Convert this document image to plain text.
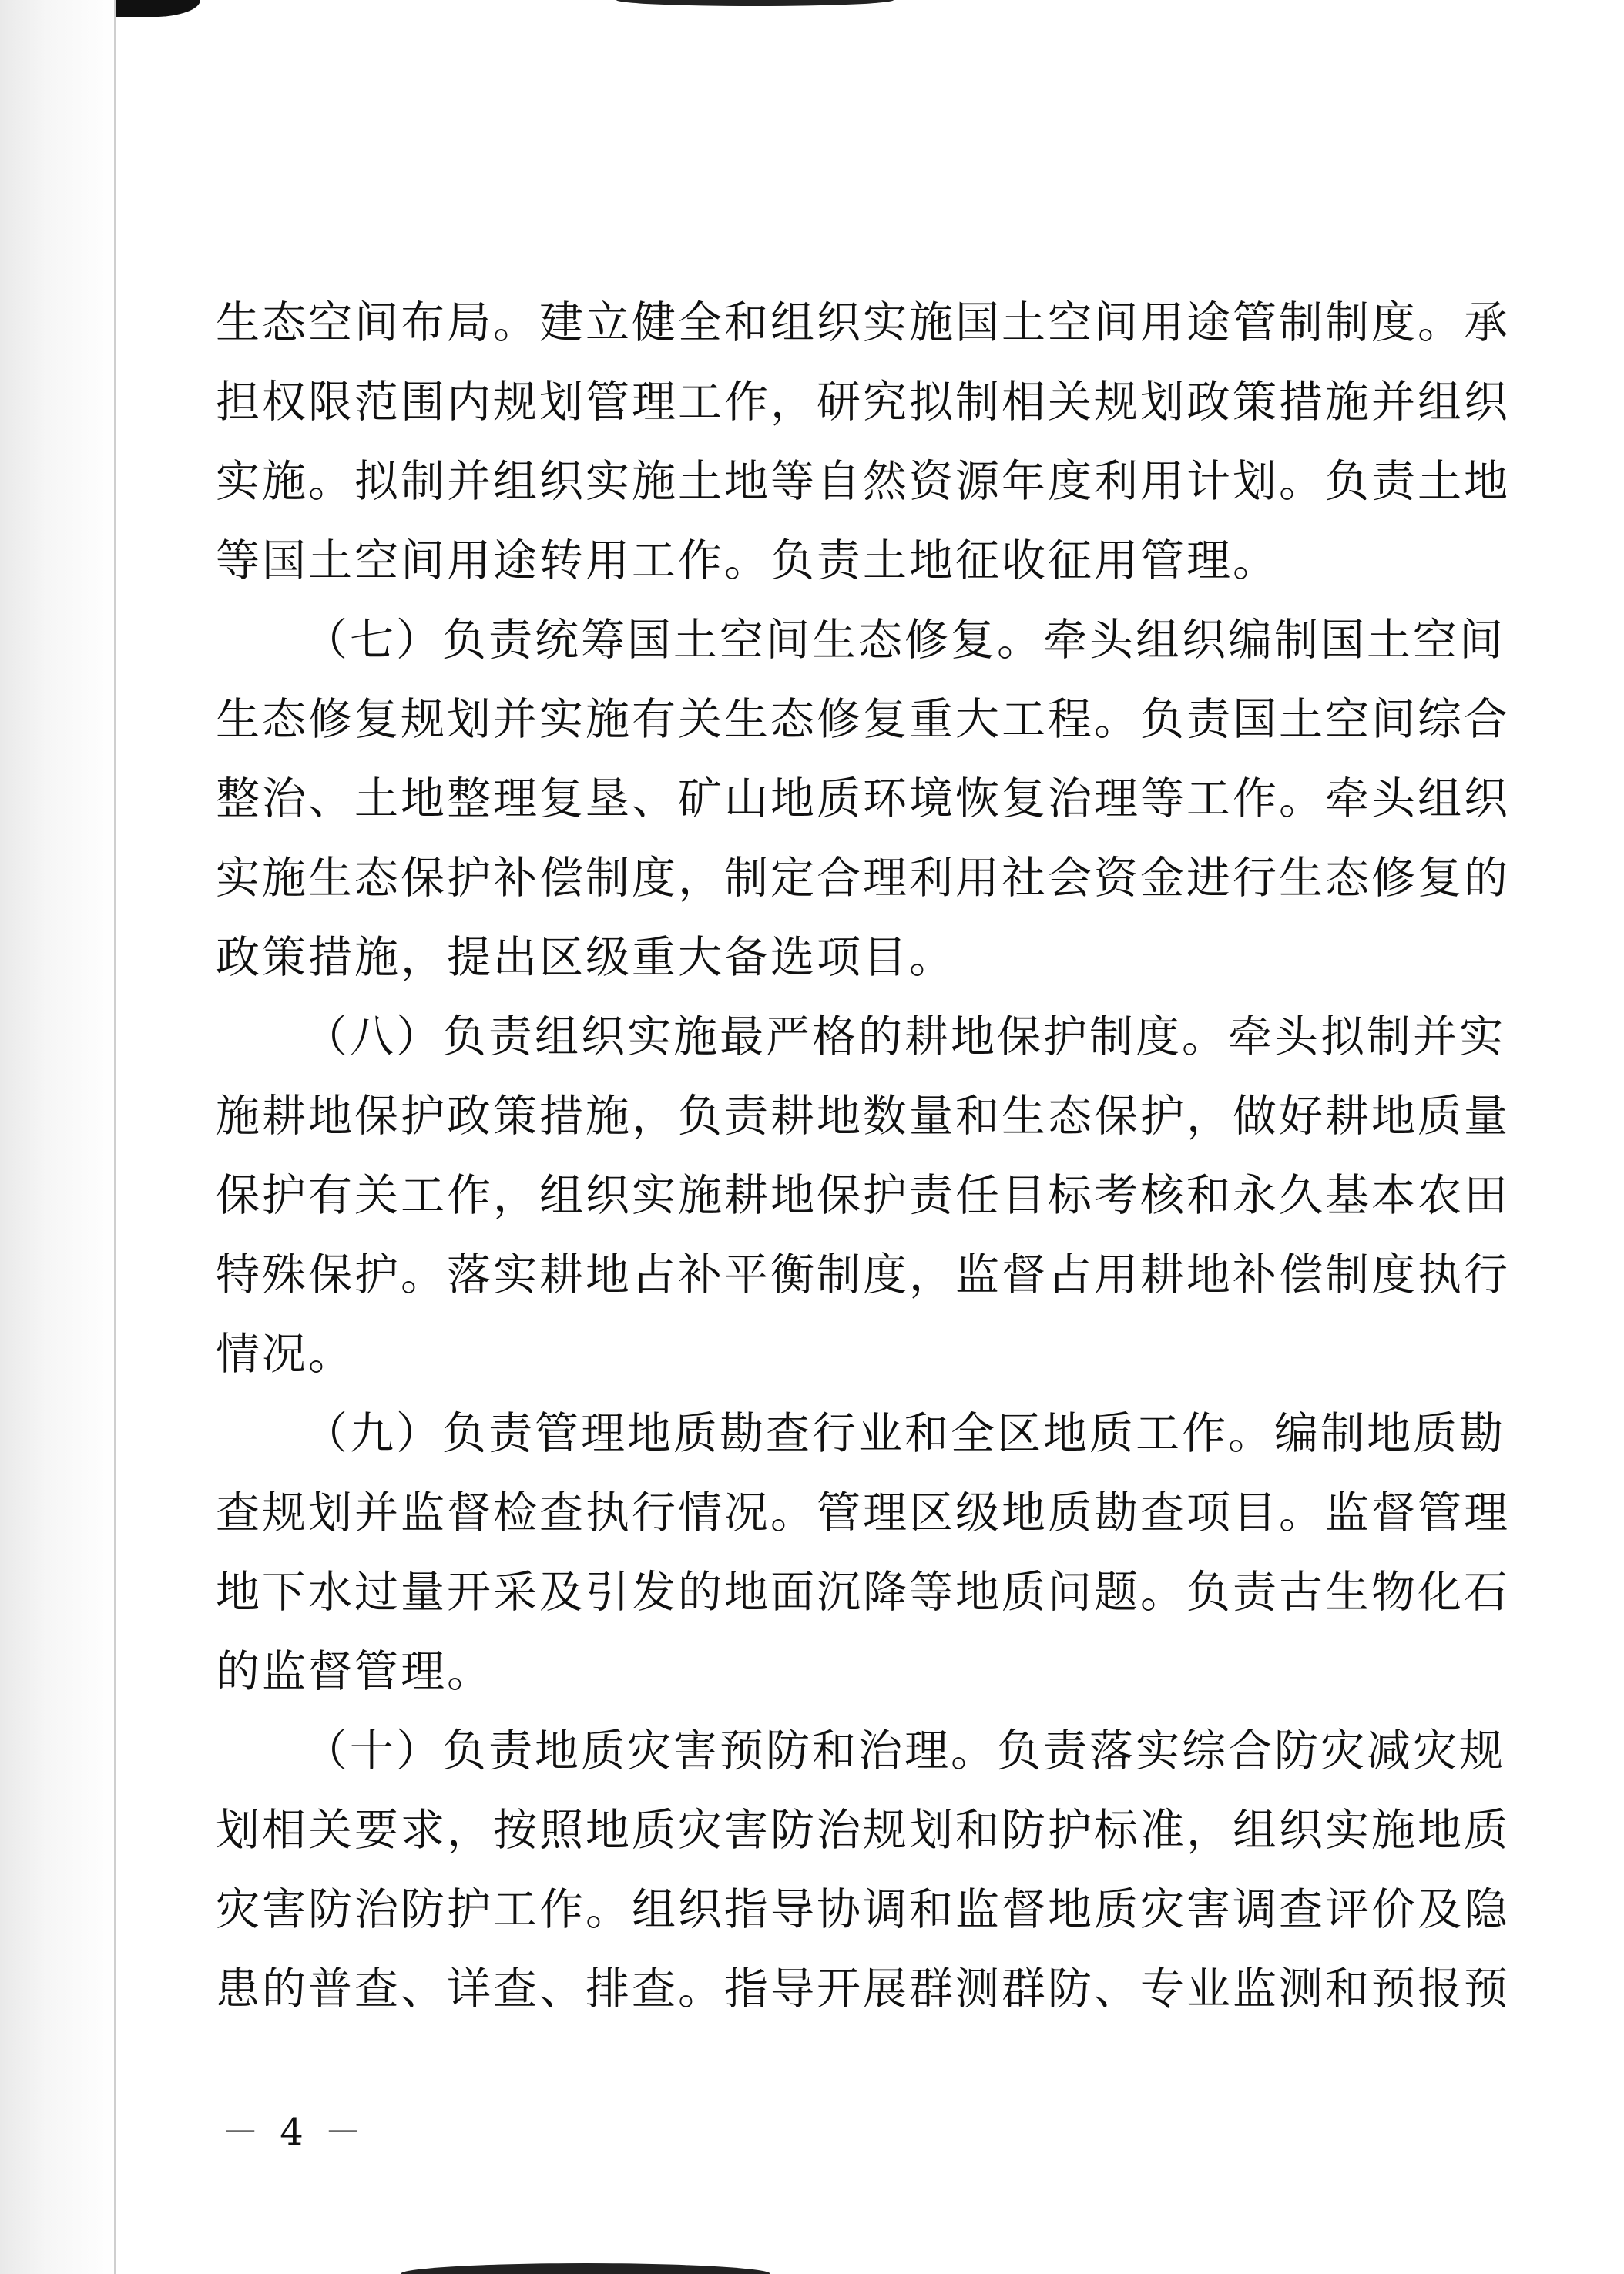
生态空间布局。建立健全和组织实施国土空间用途管制制度。承
担权限范围内规划管理工作，研究拟制相关规划政策措施并组织
实施。拟制并组织实施土地等自然资源年度利用计划。负责土地
等国土空间用途转用工作。负责土地征收征用管理。
（七）负责统筹国土空间生态修复。牵头组织编制国土空间
生态修复规划并实施有关生态修复重大工程。负责国土空间综合
整治、土地整理复垦、矿山地质环境恢复治理等工作。牵头组织
实施生态保护补偿制度，制定合理利用社会资金进行生态修复的
政策措施，提出区级重大备选项目。
（八）负责组织实施最严格的耕地保护制度。牵头拟制并实
施耕地保护政策措施，负责耕地数量和生态保护，做好耕地质量
保护有关工作，组织实施耕地保护责任目标考核和永久基本农田
特殊保护。落实耕地占补平衡制度，监督占用耕地补偿制度执行
情况。
（九）负责管理地质勘查行业和全区地质工作。编制地质勘
查规划并监督检查执行情况。管理区级地质勘查项目。监督管理
地下水过量开采及引发的地面沉降等地质问题。负责古生物化石
的监督管理。
（十）负责地质灾害预防和治理。负责落实综合防灾减灾规
划相关要求，按照地质灾害防治规划和防护标准，组织实施地质
灾害防治防护工作。组织指导协调和监督地质灾害调查评价及隐
患的普查、详查、排查。指导开展群测群防、专业监测和预报预
－ 4 －
